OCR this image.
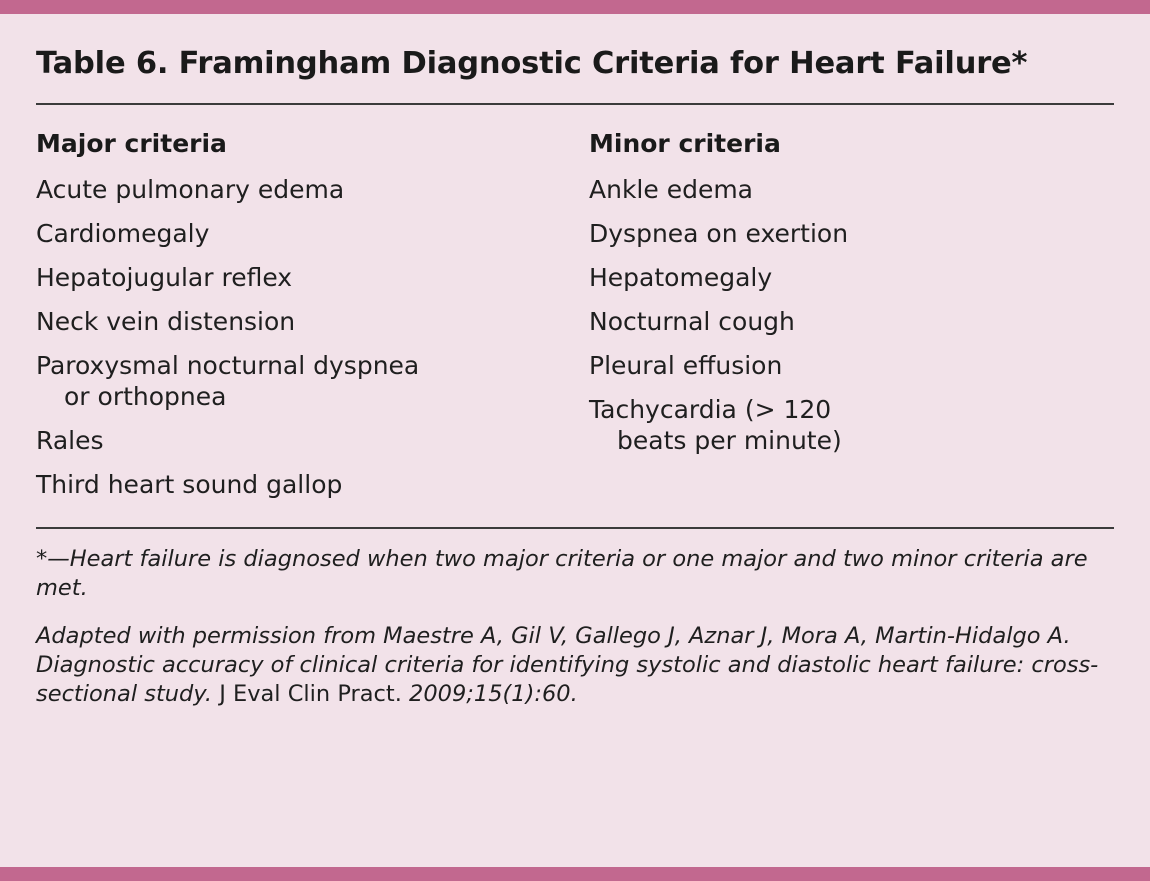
Table 6. Framingham Diagnostic Criteria for Heart Failure*
Major criteria
Acute pulmonary edema
Cardiomegaly
Hepatojugular reflex
Neck vein distension
Paroxysmal nocturnal dyspnea
or orthopnea
Rales
Third heart sound gallop
Minor criteria
Ankle edema
Dyspnea on exertion
Hepatomegaly
Nocturnal cough
Pleural effusion
Tachycardia (> 120
beats per minute)
*—Heart failure is diagnosed when two major criteria or one major and two minor criteria are met.
Adapted with permission from Maestre A, Gil V, Gallego J, Aznar J, Mora A, Martin-Hidalgo A. Diagnostic accuracy of clinical criteria for identifying systolic and diastolic heart failure: cross-sectional study. J Eval Clin Pract. 2009;15(1):60.
